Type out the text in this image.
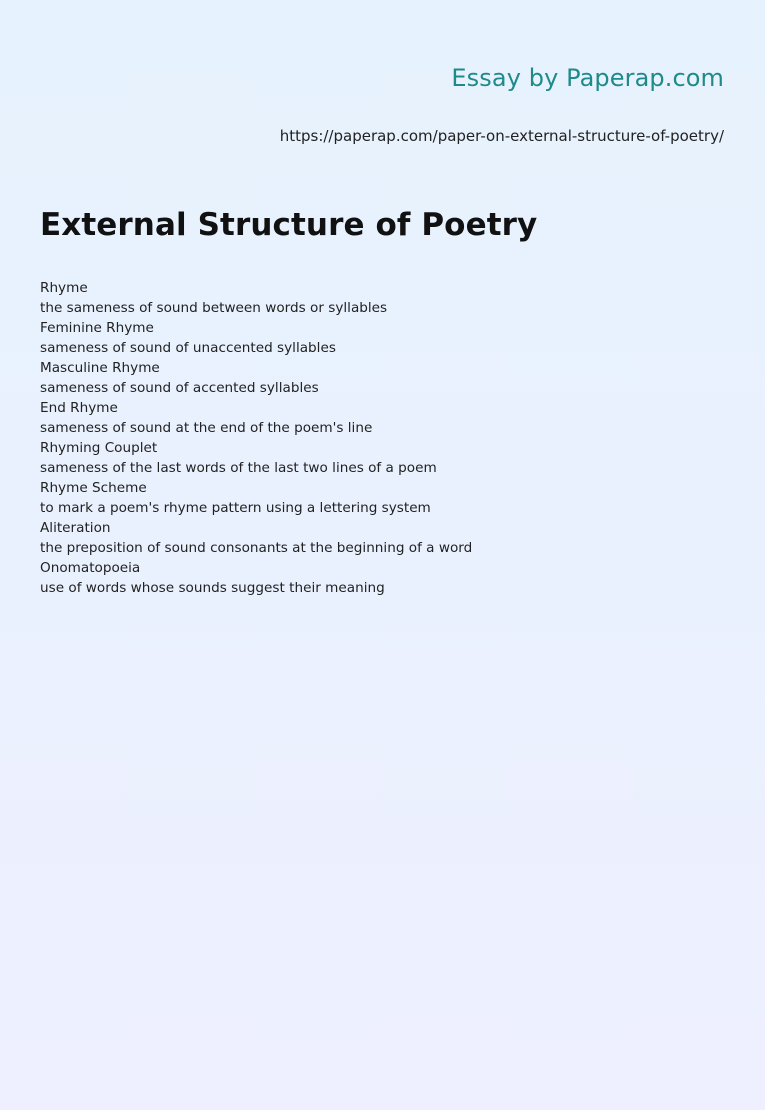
Essay by Paperap.com
https://paperap.com/paper-on-external-structure-of-poetry/
External Structure of Poetry
Rhyme
the sameness of sound between words or syllables
Feminine Rhyme
sameness of sound of unaccented syllables
Masculine Rhyme
sameness of sound of accented syllables
End Rhyme
sameness of sound at the end of the poem's line
Rhyming Couplet
sameness of the last words of the last two lines of a poem
Rhyme Scheme
to mark a poem's rhyme pattern using a lettering system
Aliteration
the preposition of sound consonants at the beginning of a word
Onomatopoeia
use of words whose sounds suggest their meaning
